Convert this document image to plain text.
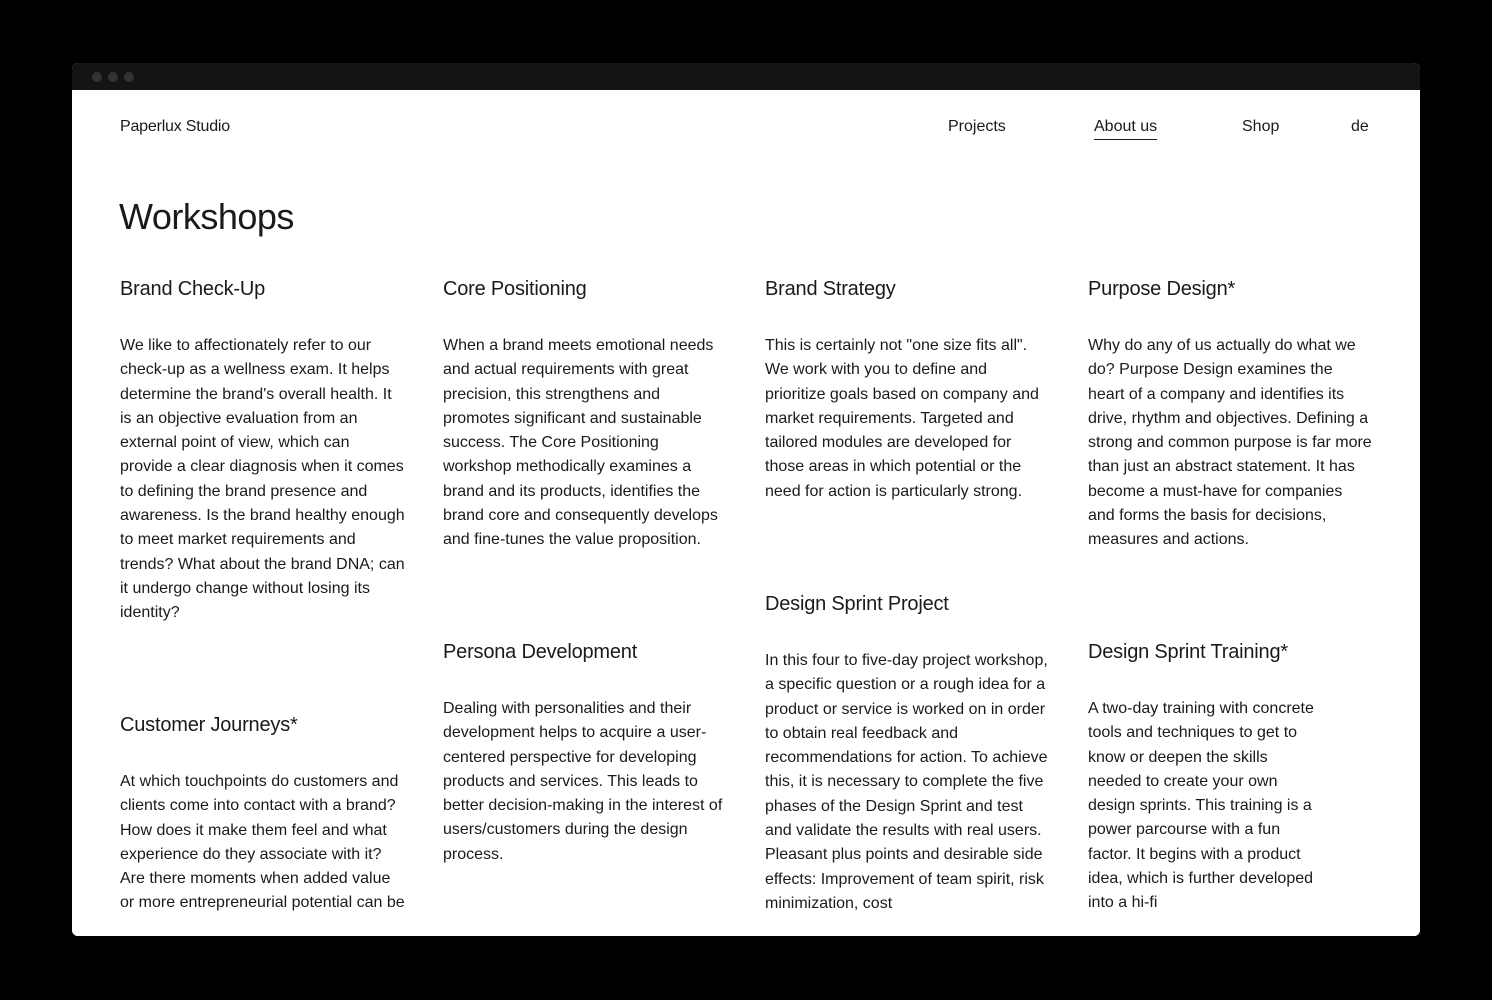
Paperlux Studio	Projects	About us	Shop	de
Workshops
Brand Check-Up

We like to affectionately refer to our check-up as a wellness exam. It helps determine the brand's overall health. It is an objective evaluation from an external point of view, which can provide a clear diagnosis when it comes to defining the brand presence and awareness. Is the brand healthy enough to meet market requirements and trends? What about the brand DNA; can it undergo change without losing its identity?

Core Positioning

When a brand meets emotional needs and actual requirements with great precision, this strengthens and promotes significant and sustainable success. The Core Positioning workshop methodically examines a brand and its products, identifies the brand core and consequently develops and fine-tunes the value proposition.

Brand Strategy

This is certainly not "one size fits all". We work with you to define and prioritize goals based on company and market requirements. Targeted and tailored modules are developed for those areas in which potential or the need for action is particularly strong.

Purpose Design*

Why do any of us actually do what we do? Purpose Design examines the heart of a company and identifies its drive, rhythm and objectives. Defining a strong and common purpose is far more than just an abstract statement. It has become a must-have for companies and forms the basis for decisions, measures and actions.

Customer Journeys*

At which touchpoints do customers and clients come into contact with a brand? How does it make them feel and what experience do they associate with it? Are there moments when added value or more entrepreneurial potential can be

Persona Development

Dealing with personalities and their development helps to acquire a user-centered perspective for developing products and services. This leads to better decision-making in the interest of users/customers during the design process.

Design Sprint Project

In this four to five-day project workshop, a specific question or a rough idea for a product or service is worked on in order to obtain real feedback and recommendations for action. To achieve this, it is necessary to complete the five phases of the Design Sprint and test and validate the results with real users. Pleasant plus points and desirable side effects: Improvement of team spirit, risk minimization, cost

Design Sprint Training*

A two-day training with concrete tools and techniques to get to know or deepen the skills needed to create your own design sprints. This training is a power parcourse with a fun factor. It begins with a product idea, which is further developed into a hi-fi
